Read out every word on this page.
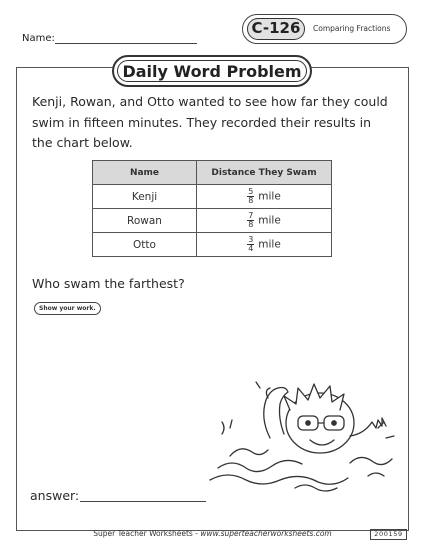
Name:
C-126	Comparing Fractions
Daily Word Problem
Kenji, Rowan, and Otto wanted to see how far they could swim in fifteen minutes. They recorded their results in the chart below.
Name	Distance They Swam
Kenji	$\frac{5}{8}$ mile
Rowan	$\frac{7}{8}$ mile
Otto	$\frac{3}{4}$ mile
Who swam the farthest?
Show your work.
answer:
Super Teacher Worksheets - www.superteacherworksheets.com	200159
